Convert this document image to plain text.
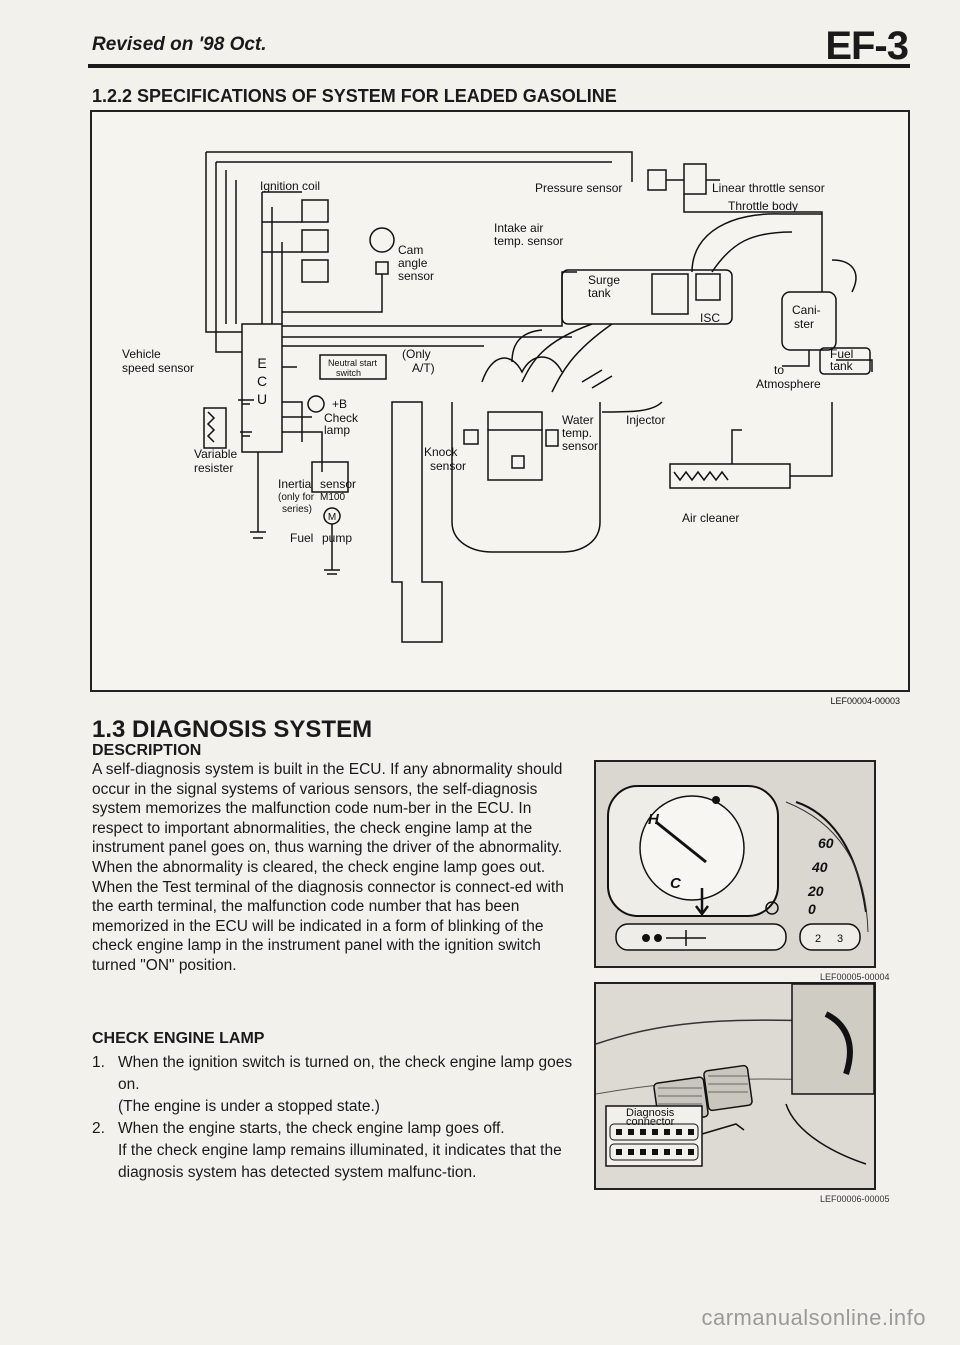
Revised on '98 Oct.	EF-3
1.2.2 SPECIFICATIONS OF SYSTEM FOR LEADED GASOLINE
Ignition coil	Pressure sensor	Linear throttle sensor
Throttle body
Cam
angle
sensor
Intake air
temp. sensor
Surge
tank
ISC
Cani-
ster
Vehicle
speed sensor	Neutral start
switch
(Only
A/T)
Fuel
tank
to
Atmosphere
E
C
U	+B
Check
lamp
Water
temp.
sensor
Injector
Knock
sensor
Variable
resister
Inertia sensor
(only for M100
series)
M
Fuel pump
Air cleaner
LEF00004-00003
1.3 DIAGNOSIS SYSTEM
DESCRIPTION

A self-diagnosis system is built in the ECU. If any abnormality should occur in the signal systems of various sensors, the self-diagnosis system memorizes the malfunction code num-ber in the ECU. In respect to important abnormalities, the check engine lamp at the instrument panel goes on, thus warning the driver of the abnormality.

When the abnormality is cleared, the check engine lamp goes out.

When the Test terminal of the diagnosis connector is connect-ed with the earth terminal, the malfunction code number that has been memorized in the ECU will be indicated in a form of blinking of the check engine lamp in the instrument panel with the ignition switch turned "ON" position.

CHECK ENGINE LAMP
1. When the ignition switch is turned on, the check engine lamp goes on.
(The engine is under a stopped state.)
2. When the engine starts, the check engine lamp goes off.
If the check engine lamp remains illuminated, it indicates that the diagnosis system has detected system malfunc-tion.
H
C
60
40
20
0
2 3
LEF00005-00004
Diagnosis
connector
LEF00006-00005
carmanualsonline.info
